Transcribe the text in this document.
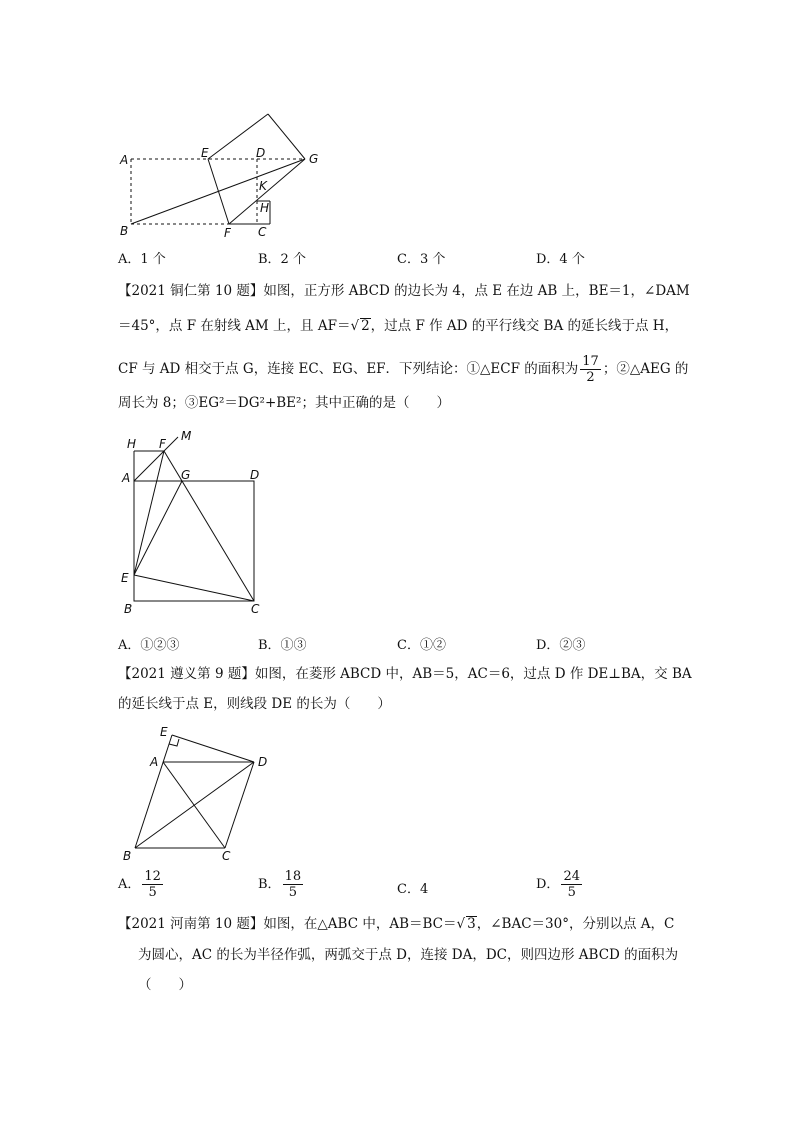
A
B
E	D	G
K
H
F C
A．1 个	B．2 个	C．3 个	D．4 个
【2021 铜仁第 10 题】如图，正方形 ABCD 的边长为 4，点 E 在边 AB 上，BE＝1，∠DAM
＝45°，点 F 在射线 AM 上，且 AF＝√ 2，过点 F 作 AD 的平行线交 BA 的延长线于点 H，
CF 与 AD 相交于点 G，连接 EC、EG、EF．下列结论：①△ECF 的面积为 $\frac{17}{2}$ ；②△AEG 的
周长为 8；③EG²＝DG²+BE²；其中正确的是（　　）
H F
M
A	G	D
E
B	C
A．①②③	B．①③	C．①②	D．②③
【2021 遵义第 9 题】如图，在菱形 ABCD 中，AB＝5，AC＝6，过点 D 作 DE⊥BA，交 BA
的延长线于点 E，则线段 DE 的长为（　　）
E
A	D
B	C
A． $\frac{12}{5}$	B． $\frac{18}{5}$	C．4	D． $\frac{24}{5}$
【2021 河南第 10 题】如图，在△ABC 中，AB＝BC＝√ 3，∠BAC＝30°，分别以点 A，C
为圆心，AC 的长为半径作弧，两弧交于点 D，连接 DA，DC，则四边形 ABCD 的面积为
（　　）
